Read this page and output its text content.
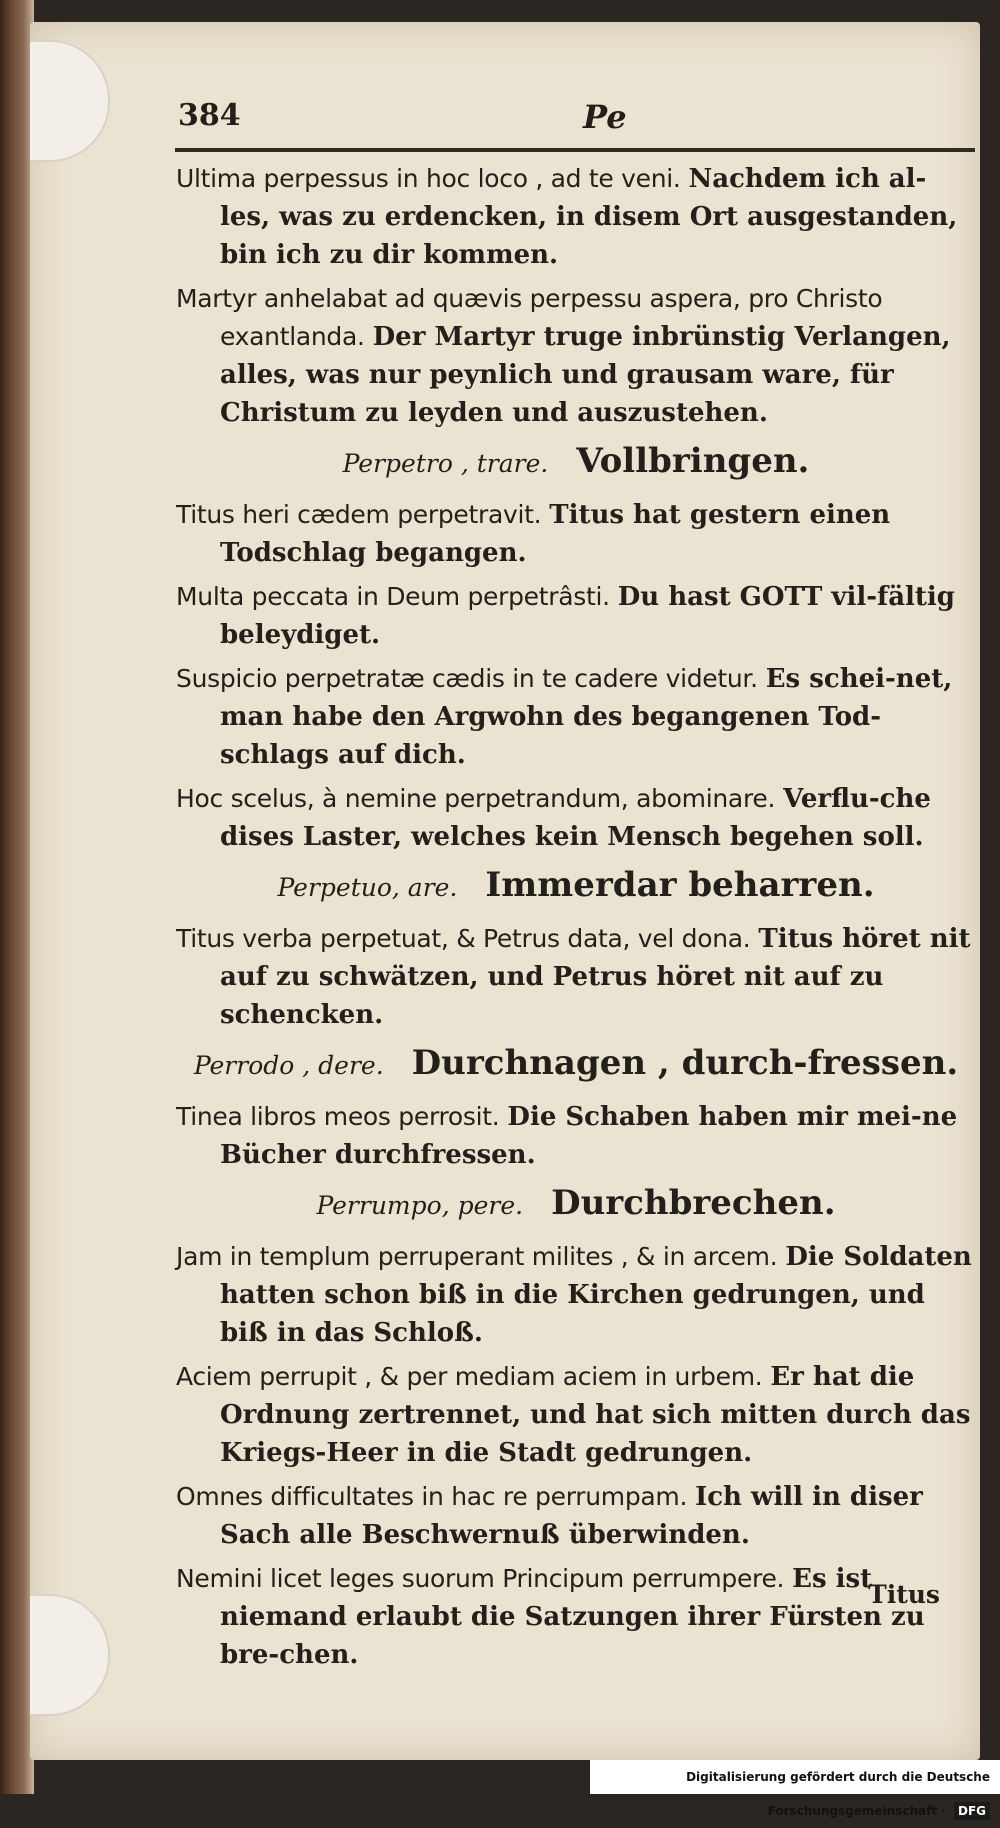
384	Pe
Ultima perpessus in hoc loco , ad te veni. Nachdem ich al-les, was zu erdencken, in disem Ort ausgestanden, bin ich zu dir kommen.
Martyr anhelabat ad quævis perpessu aspera, pro Christo exantlanda. Der Martyr truge inbrünstig Verlangen, alles, was nur peynlich und grausam ware, für Christum zu leyden und auszustehen.
Perpetro , trare. Vollbringen.
Titus heri cædem perpetravit. Titus hat gestern einen Todschlag begangen.
Multa peccata in Deum perpetrâsti. Du hast GOTT vil-fältig beleydiget.
Suspicio perpetratæ cædis in te cadere videtur. Es schei-net, man habe den Argwohn des begangenen Tod-schlags auf dich.
Hoc scelus, à nemine perpetrandum, abominare. Verflu-che dises Laster, welches kein Mensch begehen soll.
Perpetuo, are. Immerdar beharren.
Titus verba perpetuat, & Petrus data, vel dona. Titus höret nit auf zu schwätzen, und Petrus höret nit auf zu schencken.
Perrodo , dere. Durchnagen , durch-fressen.
Tinea libros meos perrosit. Die Schaben haben mir mei-ne Bücher durchfressen.
Perrumpo, pere. Durchbrechen.
Jam in templum perruperant milites , & in arcem. Die Soldaten hatten schon biß in die Kirchen gedrungen, und biß in das Schloß.
Aciem perrupit , & per mediam aciem in urbem. Er hat die Ordnung zertrennet, und hat sich mitten durch das Kriegs-Heer in die Stadt gedrungen.
Omnes difficultates in hac re perrumpam. Ich will in diser Sach alle Beschwernuß überwinden.
Nemini licet leges suorum Principum perrumpere. Es ist niemand erlaubt die Satzungen ihrer Fürsten zu bre-chen.
Titus
Digitalisierung gefördert durch die Deutsche Forschungsgemeinschaft · DFG
